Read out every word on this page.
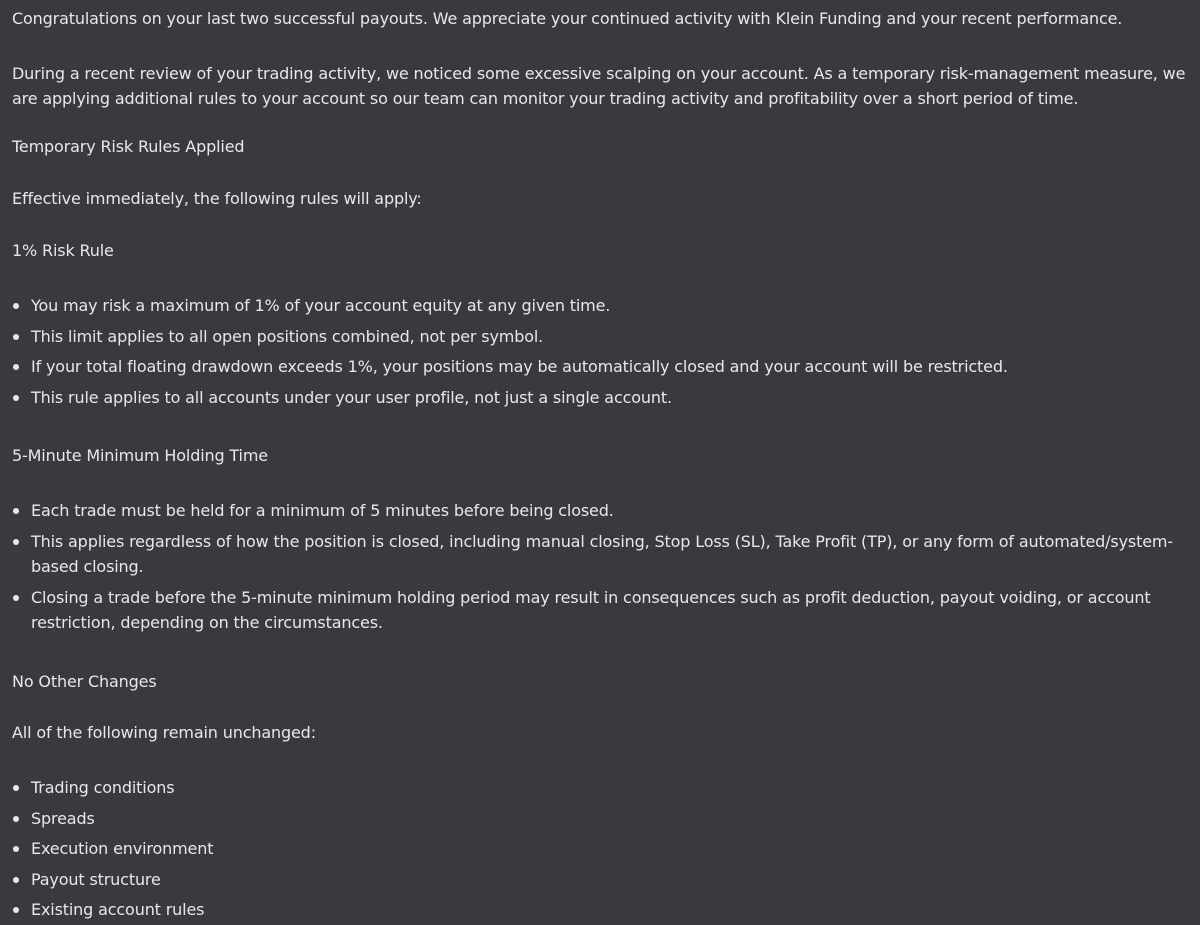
Congratulations on your last two successful payouts. We appreciate your continued activity with Klein Funding and your recent performance.

During a recent review of your trading activity, we noticed some excessive scalping on your account. As a temporary risk-management measure, we are applying additional rules to your account so our team can monitor your trading activity and profitability over a short period of time.

Temporary Risk Rules Applied

Effective immediately, the following rules will apply:

1% Risk Rule

You may risk a maximum of 1% of your account equity at any given time.
This limit applies to all open positions combined, not per symbol.
If your total floating drawdown exceeds 1%, your positions may be automatically closed and your account will be restricted.
This rule applies to all accounts under your user profile, not just a single account.

5-Minute Minimum Holding Time

Each trade must be held for a minimum of 5 minutes before being closed.
This applies regardless of how the position is closed, including manual closing, Stop Loss (SL), Take Profit (TP), or any form of automated/system-based closing.
Closing a trade before the 5-minute minimum holding period may result in consequences such as profit deduction, payout voiding, or account restriction, depending on the circumstances.

No Other Changes

All of the following remain unchanged:

Trading conditions
Spreads
Execution environment
Payout structure
Existing account rules
